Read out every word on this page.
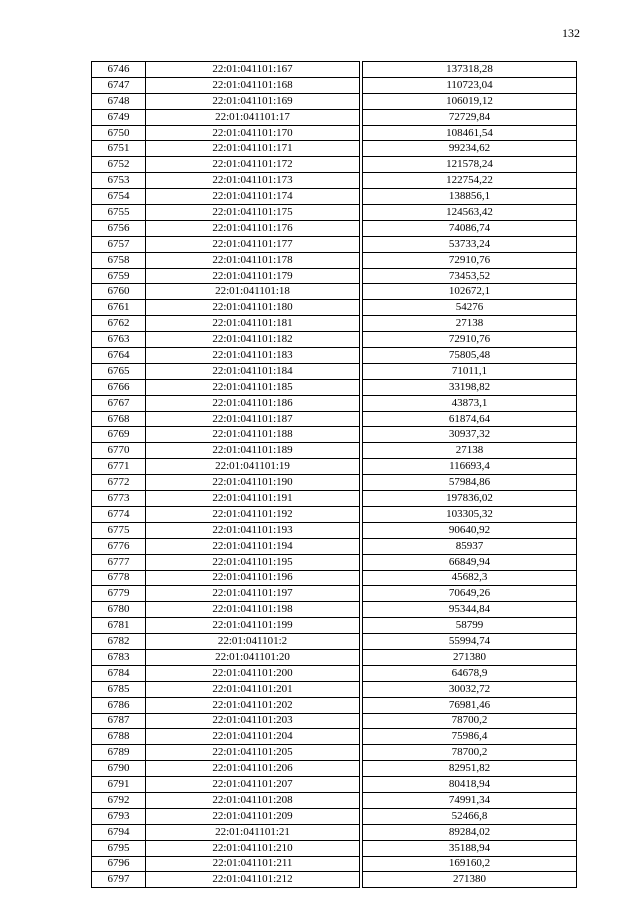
132
6746	22:01:041101:167		137318,28
6747	22:01:041101:168		110723,04
6748	22:01:041101:169		106019,12
6749	22:01:041101:17		72729,84
6750	22:01:041101:170		108461,54
6751	22:01:041101:171		99234,62
6752	22:01:041101:172		121578,24
6753	22:01:041101:173		122754,22
6754	22:01:041101:174		138856,1
6755	22:01:041101:175		124563,42
6756	22:01:041101:176		74086,74
6757	22:01:041101:177		53733,24
6758	22:01:041101:178		72910,76
6759	22:01:041101:179		73453,52
6760	22:01:041101:18		102672,1
6761	22:01:041101:180		54276
6762	22:01:041101:181		27138
6763	22:01:041101:182		72910,76
6764	22:01:041101:183		75805,48
6765	22:01:041101:184		71011,1
6766	22:01:041101:185		33198,82
6767	22:01:041101:186		43873,1
6768	22:01:041101:187		61874,64
6769	22:01:041101:188		30937,32
6770	22:01:041101:189		27138
6771	22:01:041101:19		116693,4
6772	22:01:041101:190		57984,86
6773	22:01:041101:191		197836,02
6774	22:01:041101:192		103305,32
6775	22:01:041101:193		90640,92
6776	22:01:041101:194		85937
6777	22:01:041101:195		66849,94
6778	22:01:041101:196		45682,3
6779	22:01:041101:197		70649,26
6780	22:01:041101:198		95344,84
6781	22:01:041101:199		58799
6782	22:01:041101:2		55994,74
6783	22:01:041101:20		271380
6784	22:01:041101:200		64678,9
6785	22:01:041101:201		30032,72
6786	22:01:041101:202		76981,46
6787	22:01:041101:203		78700,2
6788	22:01:041101:204		75986,4
6789	22:01:041101:205		78700,2
6790	22:01:041101:206		82951,82
6791	22:01:041101:207		80418,94
6792	22:01:041101:208		74991,34
6793	22:01:041101:209		52466,8
6794	22:01:041101:21		89284,02
6795	22:01:041101:210		35188,94
6796	22:01:041101:211		169160,2
6797	22:01:041101:212		271380
